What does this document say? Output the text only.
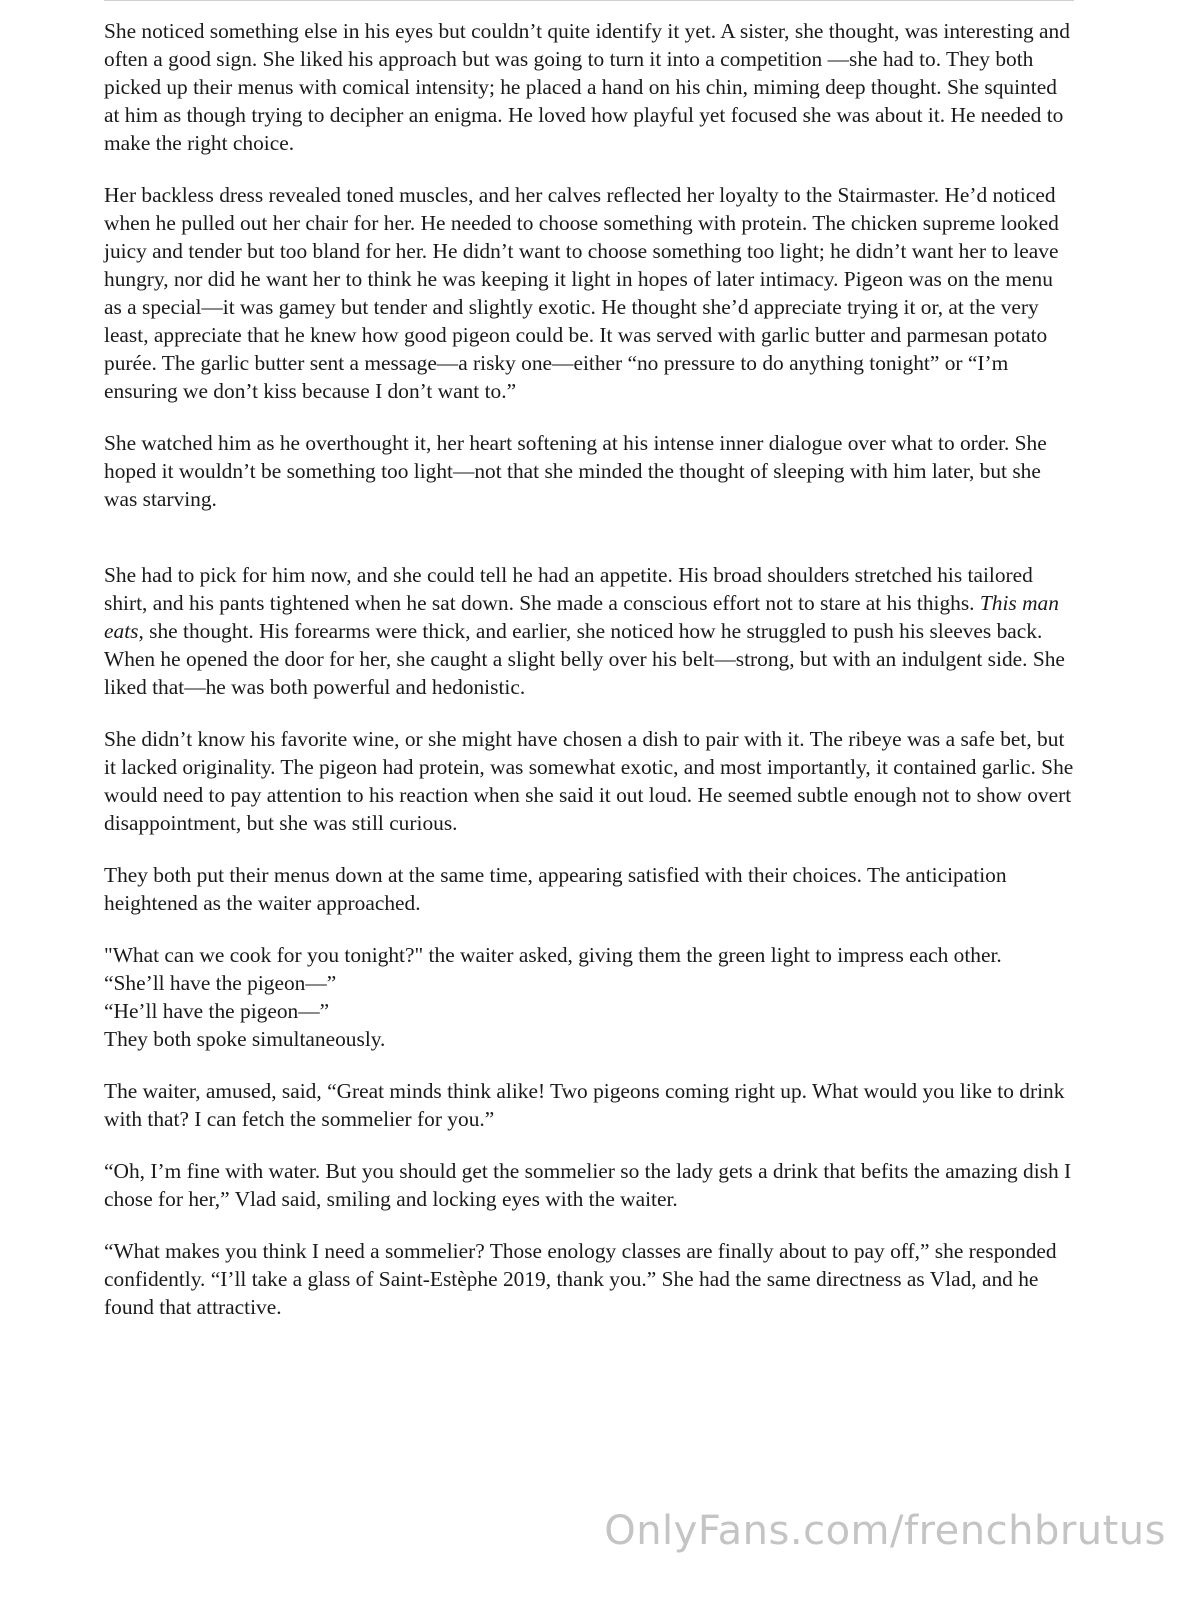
She noticed something else in his eyes but couldn’t quite identify it yet. A sister, she thought, was interesting and often a good sign. She liked his approach but was going to turn it into a competition —she had to. They both picked up their menus with comical intensity; he placed a hand on his chin, miming deep thought. She squinted at him as though trying to decipher an enigma. He loved how playful yet focused she was about it. He needed to make the right choice.

Her backless dress revealed toned muscles, and her calves reflected her loyalty to the Stairmaster. He’d noticed when he pulled out her chair for her. He needed to choose something with protein. The chicken supreme looked juicy and tender but too bland for her. He didn’t want to choose something too light; he didn’t want her to leave hungry, nor did he want her to think he was keeping it light in hopes of later intimacy. Pigeon was on the menu as a special—it was gamey but tender and slightly exotic. He thought she’d appreciate trying it or, at the very least, appreciate that he knew how good pigeon could be. It was served with garlic butter and parmesan potato purée. The garlic butter sent a message—a risky one—either “no pressure to do anything tonight” or “I’m ensuring we don’t kiss because I don’t want to.”

She watched him as he overthought it, her heart softening at his intense inner dialogue over what to order. She hoped it wouldn’t be something too light—not that she minded the thought of sleeping with him later, but she was starving.

She had to pick for him now, and she could tell he had an appetite. His broad shoulders stretched his tailored shirt, and his pants tightened when he sat down. She made a conscious effort not to stare at his thighs. This man eats, she thought. His forearms were thick, and earlier, she noticed how he struggled to push his sleeves back. When he opened the door for her, she caught a slight belly over his belt—strong, but with an indulgent side. She liked that—he was both powerful and hedonistic.

She didn’t know his favorite wine, or she might have chosen a dish to pair with it. The ribeye was a safe bet, but it lacked originality. The pigeon had protein, was somewhat exotic, and most importantly, it contained garlic. She would need to pay attention to his reaction when she said it out loud. He seemed subtle enough not to show overt disappointment, but she was still curious.

They both put their menus down at the same time, appearing satisfied with their choices. The anticipation heightened as the waiter approached.

"What can we cook for you tonight?" the waiter asked, giving them the green light to impress each other.
“She’ll have the pigeon—”
“He’ll have the pigeon—”
They both spoke simultaneously.

The waiter, amused, said, “Great minds think alike! Two pigeons coming right up. What would you like to drink with that? I can fetch the sommelier for you.”

“Oh, I’m fine with water. But you should get the sommelier so the lady gets a drink that befits the amazing dish I chose for her,” Vlad said, smiling and locking eyes with the waiter.

“What makes you think I need a sommelier? Those enology classes are finally about to pay off,” she responded confidently. “I’ll take a glass of Saint-Estèphe 2019, thank you.” She had the same directness as Vlad, and he found that attractive.

OnlyFans.com/frenchbrutus
